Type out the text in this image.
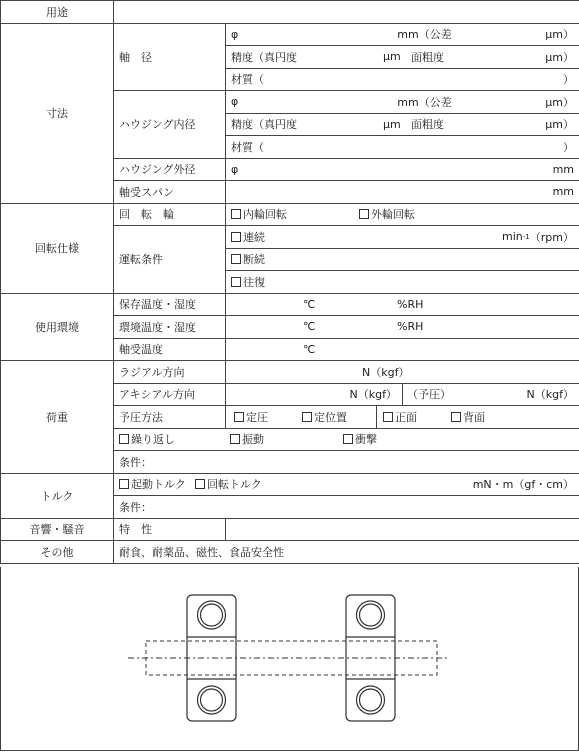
用途		
寸法	軸　径	φ mm（公差 μm）

		精度（真円度 μm 面粗度 μm）

		材質（ ）

	ハウジング内径	φ mm（公差 μm）

		精度（真円度 μm 面粗度 μm）

		材質（ ）

	ハウジング外径	φ mm

	軸受スパン	mm

回転仕様	回　転　輪	内輪回転 外輪回転

	運転条件	連続 min -1 （rpm）

		断続

		往復

使用環境	保存温度・湿度	℃ %RH

	環境温度・湿度	℃ %RH

	軸受温度	℃

荷重	ラジアル方向	N（kgf）

	アキシアル方向	N（kgf） （予圧） N（kgf）

	予圧方法	定圧 定位置 正面 背面

	繰り返し 振動 衝撃	

	条件：	
トルク	起動トルク 回転トルク mN・m（gf・cm）	

	条件：	
音響・騒音	特　性	
その他	耐食、耐薬品、磁性、食品安全性	
